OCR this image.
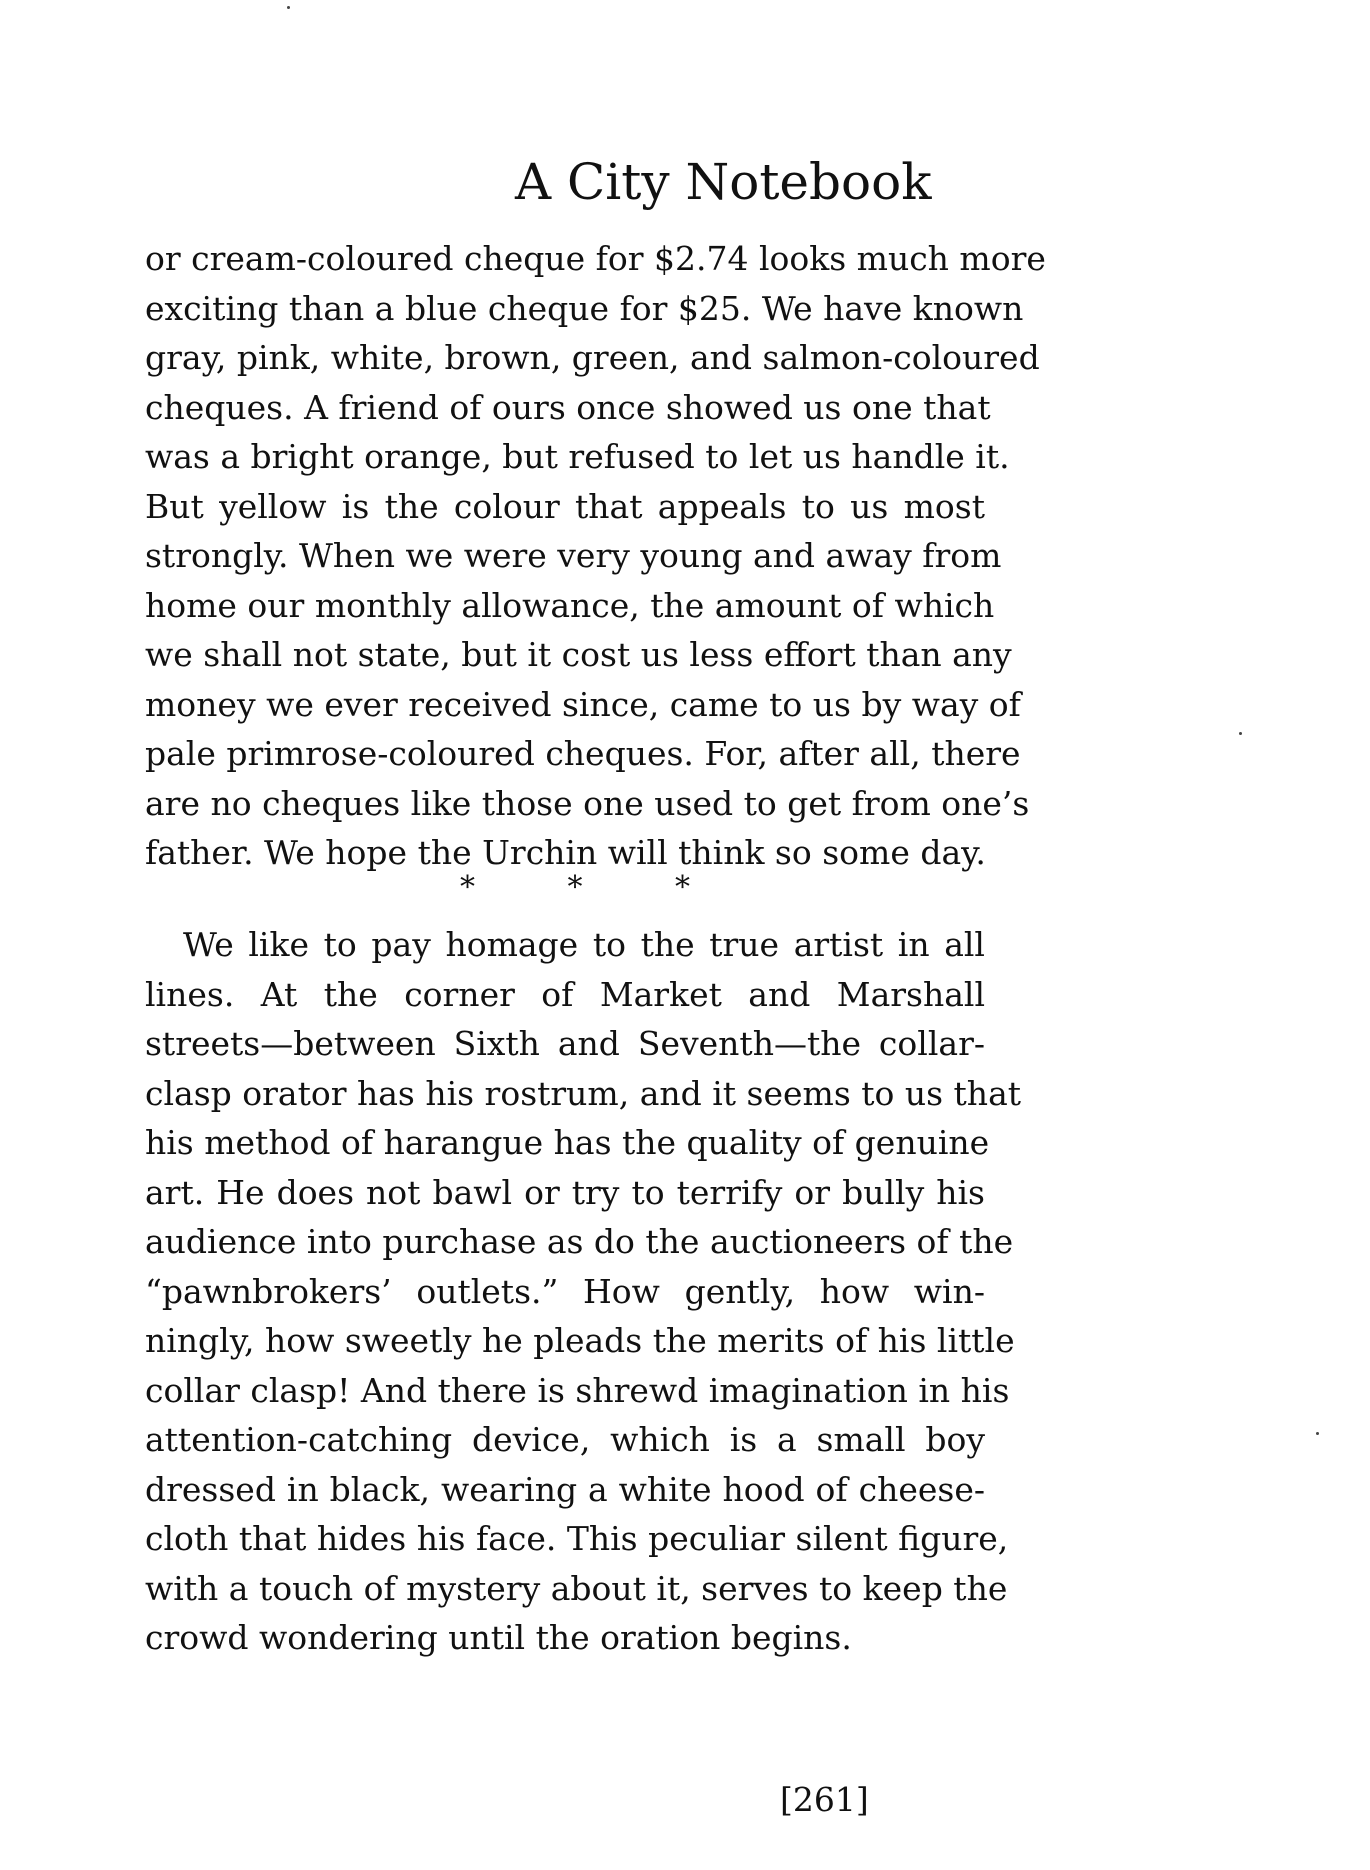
A City Notebook
or cream-coloured cheque for $2.74 looks much more
exciting than a blue cheque for $25. We have known
gray, pink, white, brown, green, and salmon-coloured
cheques. A friend of ours once showed us one that
was a bright orange, but refused to let us handle it.
But yellow is the colour that appeals to us most
strongly. When we were very young and away from
home our monthly allowance, the amount of which
we shall not state, but it cost us less effort than any
money we ever received since, came to us by way of
pale primrose-coloured cheques. For, after all, there
are no cheques like those one used to get from one’s
father. We hope the Urchin will think so some day.
*	*	*
We like to pay homage to the true artist in all
lines. At the corner of Market and Marshall
streets—between Sixth and Seventh—the collar-
clasp orator has his rostrum, and it seems to us that
his method of harangue has the quality of genuine
art. He does not bawl or try to terrify or bully his
audience into purchase as do the auctioneers of the
“pawnbrokers’ outlets.” How gently, how win-
ningly, how sweetly he pleads the merits of his little
collar clasp! And there is shrewd imagination in his
attention-catching device, which is a small boy
dressed in black, wearing a white hood of cheese-
cloth that hides his face. This peculiar silent figure,
with a touch of mystery about it, serves to keep the
crowd wondering until the oration begins.
[261]
